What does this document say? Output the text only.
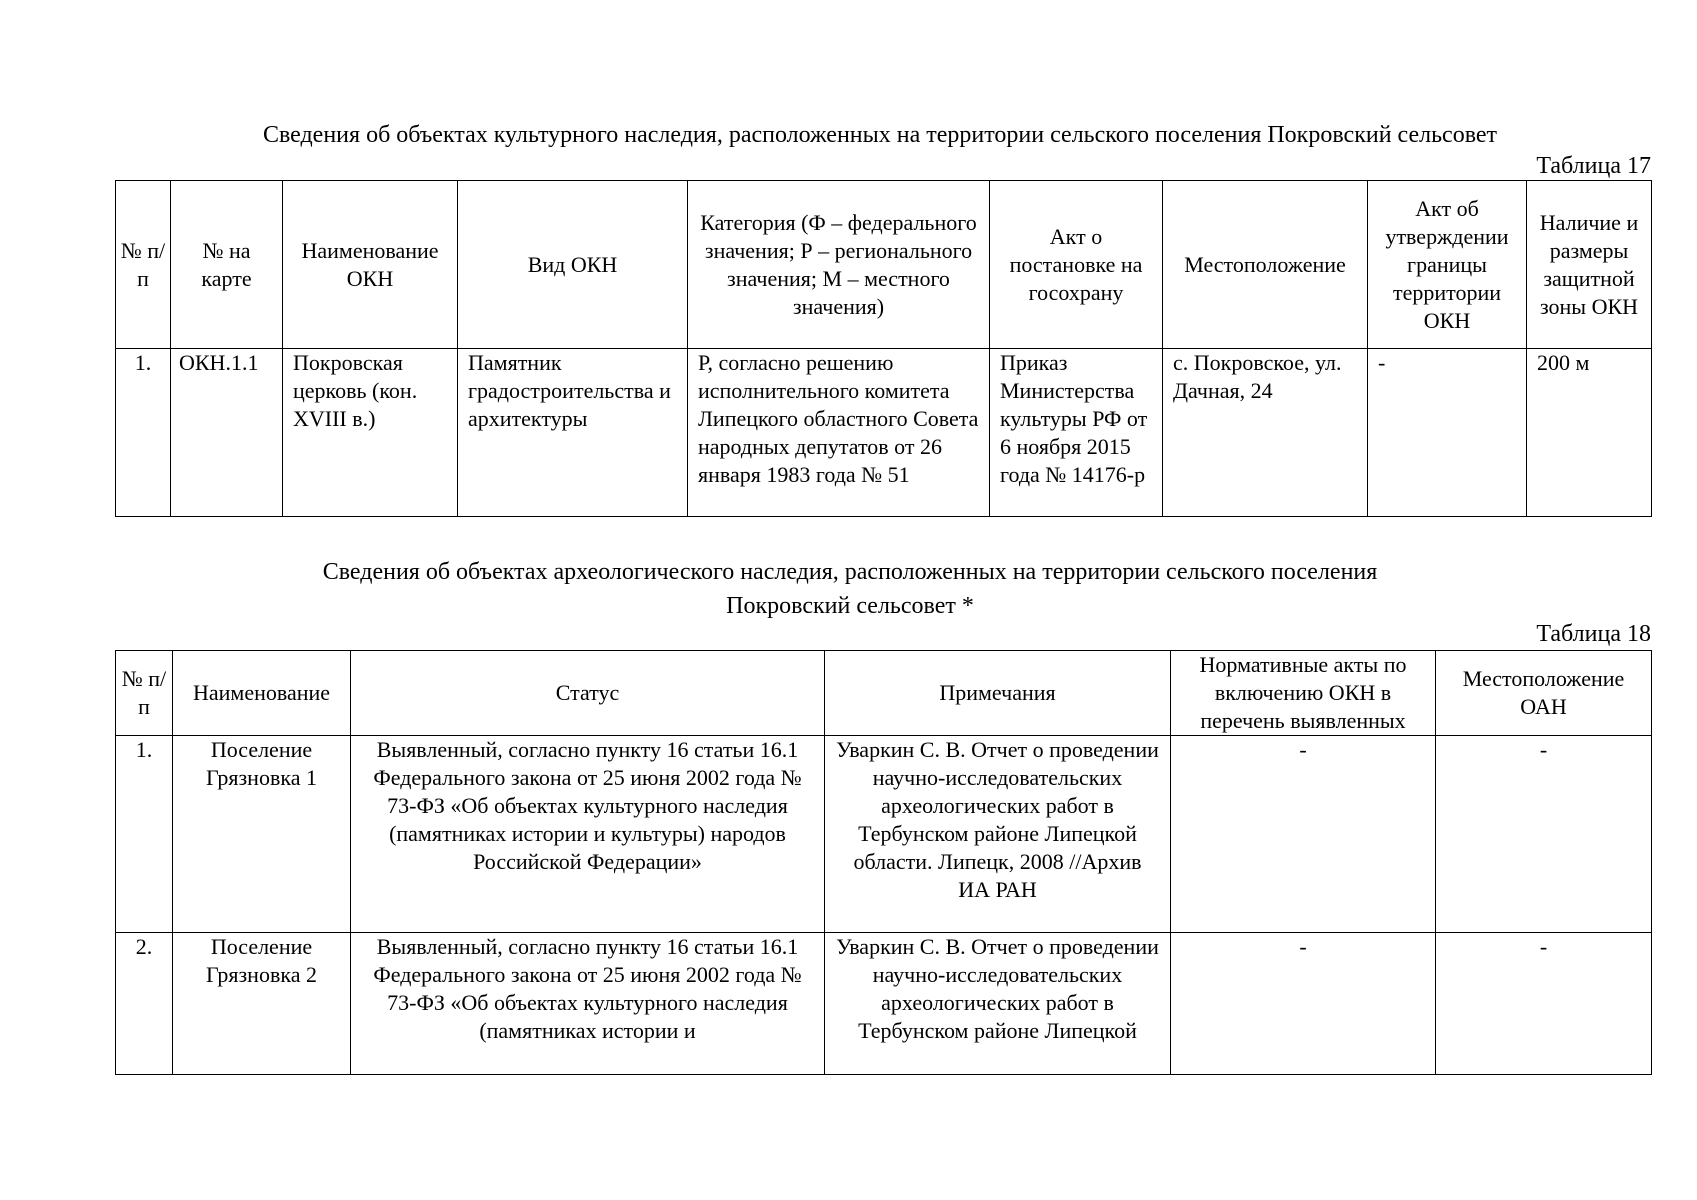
Сведения об объектах культурного наследия, расположенных на территории сельского поселения Покровский сельсовет
Таблица 17
№ п/п	№ на карте	Наименование ОКН	Вид ОКН	Категория (Ф – федерального значения; Р – регионального значения; М – местного значения)	Акт о постановке на госохрану	Местоположение	Акт об утверждении границы территории ОКН	Наличие и размеры защитной зоны ОКН
1.	ОКН.1.1	Покровская церковь (кон. XVIII в.)	Памятник градостроительства и архитектуры	Р, согласно решению исполнительного комитета Липецкого областного Совета народных депутатов от 26 января 1983 года № 51	Приказ Министерства культуры РФ от 6 ноября 2015 года № 14176-р	с. Покровское, ул. Дачная, 24	-	200 м
Сведения об объектах археологического наследия, расположенных на территории сельского поселения Покровский сельсовет *
Таблица 18
№ п/п	Наименование	Статус	Примечания	Нормативные акты по включению ОКН в перечень выявленных	Местоположение ОАН
1.	Поселение Грязновка 1	Выявленный, согласно пункту 16 статьи 16.1 Федерального закона от 25 июня 2002 года № 73-ФЗ «Об объектах культурного наследия (памятниках истории и культуры) народов Российской Федерации»	Уваркин С. В. Отчет о проведении научно-исследовательских археологических работ в Тербунском районе Липецкой области. Липецк, 2008 //Архив ИА РАН	-	-
2.	Поселение Грязновка 2	Выявленный, согласно пункту 16 статьи 16.1 Федерального закона от 25 июня 2002 года № 73-ФЗ «Об объектах культурного наследия (памятниках истории и	Уваркин С. В. Отчет о проведении научно-исследовательских археологических работ в Тербунском районе Липецкой	-	-
